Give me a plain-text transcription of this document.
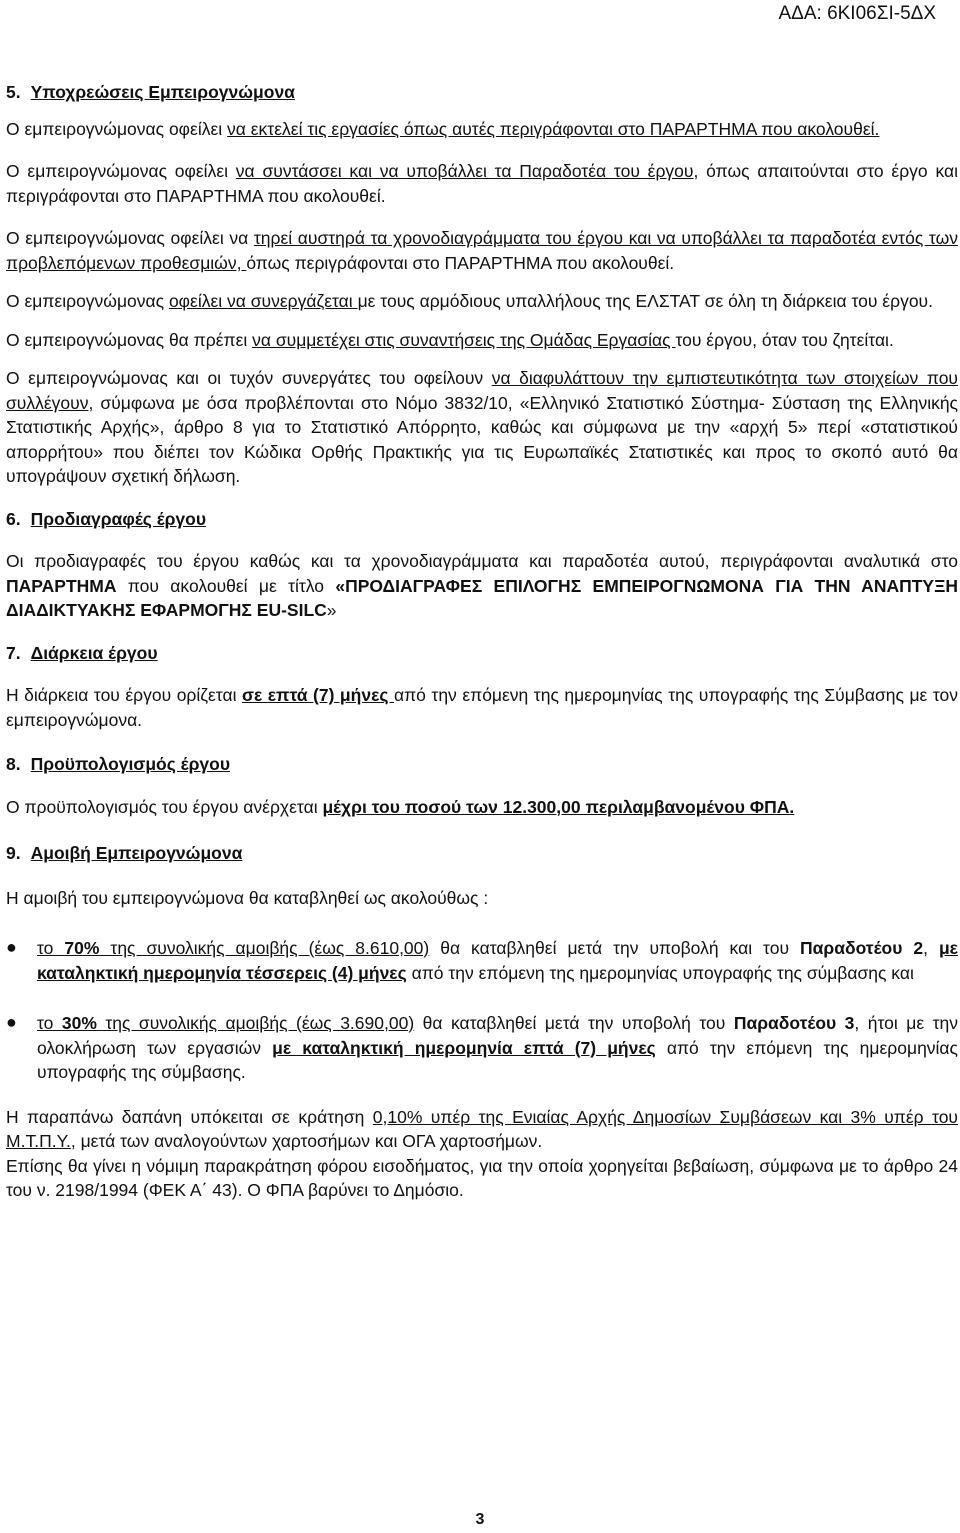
ΑΔΑ: 6ΚΙ06ΣΙ-5ΔΧ

5. Υποχρεώσεις Εμπειρογνώμονα

Ο εμπειρογνώμονας οφείλει να εκτελεί τις εργασίες όπως αυτές περιγράφονται στο ΠΑΡΑΡΤΗΜΑ που ακολουθεί.

Ο εμπειρογνώμονας οφείλει να συντάσσει και να υποβάλλει τα Παραδοτέα του έργου, όπως απαιτούνται στο έργο και περιγράφονται στο ΠΑΡΑΡΤΗΜΑ που ακολουθεί.

Ο εμπειρογνώμονας οφείλει να τηρεί αυστηρά τα χρονοδιαγράμματα του έργου και να υποβάλλει τα παραδοτέα εντός των προβλεπόμενων προθεσμιών, όπως περιγράφονται στο ΠΑΡΑΡΤΗΜΑ που ακολουθεί.

Ο εμπειρογνώμονας οφείλει να συνεργάζεται με τους αρμόδιους υπαλλήλους της ΕΛΣΤΑΤ σε όλη τη διάρκεια του έργου.

Ο εμπειρογνώμονας θα πρέπει να συμμετέχει στις συναντήσεις της Ομάδας Εργασίας του έργου, όταν του ζητείται.

Ο εμπειρογνώμονας και οι τυχόν συνεργάτες του οφείλουν να διαφυλάττουν την εμπιστευτικότητα των στοιχείων που συλλέγουν, σύμφωνα με όσα προβλέπονται στο Νόμο 3832/10, «Ελληνικό Στατιστικό Σύστημα- Σύσταση της Ελληνικής Στατιστικής Αρχής», άρθρο 8 για το Στατιστικό Απόρρητο, καθώς και σύμφωνα με την «αρχή 5» περί «στατιστικού απορρήτου» που διέπει τον Κώδικα Ορθής Πρακτικής για τις Ευρωπαϊκές Στατιστικές και προς το σκοπό αυτό θα υπογράψουν σχετική δήλωση.

6. Προδιαγραφές έργου

Οι προδιαγραφές του έργου καθώς και τα χρονοδιαγράμματα και παραδοτέα αυτού, περιγράφονται αναλυτικά στο ΠΑΡΑΡΤΗΜΑ που ακολουθεί με τίτλο «ΠΡΟΔΙΑΓΡΑΦΕΣ ΕΠΙΛΟΓΗΣ ΕΜΠΕΙΡΟΓΝΩΜΟΝΑ ΓΙΑ ΤΗΝ ΑΝΑΠΤΥΞΗ ΔΙΑΔΙΚΤΥΑΚΗΣ ΕΦΑΡΜΟΓΗΣ EU-SILC»

7. Διάρκεια έργου

Η διάρκεια του έργου ορίζεται σε επτά (7) μήνες από την επόμενη της ημερομηνίας της υπογραφής της Σύμβασης με τον εμπειρογνώμονα.

8. Προϋπολογισμός έργου

Ο προϋπολογισμός του έργου ανέρχεται μέχρι του ποσού των 12.300,00 περιλαμβανομένου ΦΠΑ.

9. Αμοιβή Εμπειρογνώμονα

Η αμοιβή του εμπειρογνώμονα θα καταβληθεί ως ακολούθως :

● το 70% της συνολικής αμοιβής (έως 8.610,00) θα καταβληθεί μετά την υποβολή και του Παραδοτέου 2, με καταληκτική ημερομηνία τέσσερεις (4) μήνες από την επόμενη της ημερομηνίας υπογραφής της σύμβασης και

● το 30% της συνολικής αμοιβής (έως 3.690,00) θα καταβληθεί μετά την υποβολή του Παραδοτέου 3, ήτοι με την ολοκλήρωση των εργασιών με καταληκτική ημερομηνία επτά (7) μήνες από την επόμενη της ημερομηνίας υπογραφής της σύμβασης.

Η παραπάνω δαπάνη υπόκειται σε κράτηση 0,10% υπέρ της Ενιαίας Αρχής Δημοσίων Συμβάσεων και 3% υπέρ του Μ.Τ.Π.Υ., μετά των αναλογούντων χαρτοσήμων και ΟΓΑ χαρτοσήμων.

Επίσης θα γίνει η νόμιμη παρακράτηση φόρου εισοδήματος, για την οποία χορηγείται βεβαίωση, σύμφωνα με το άρθρο 24 του ν. 2198/1994 (ΦΕΚ Α΄ 43). Ο ΦΠΑ βαρύνει το Δημόσιο.

3
